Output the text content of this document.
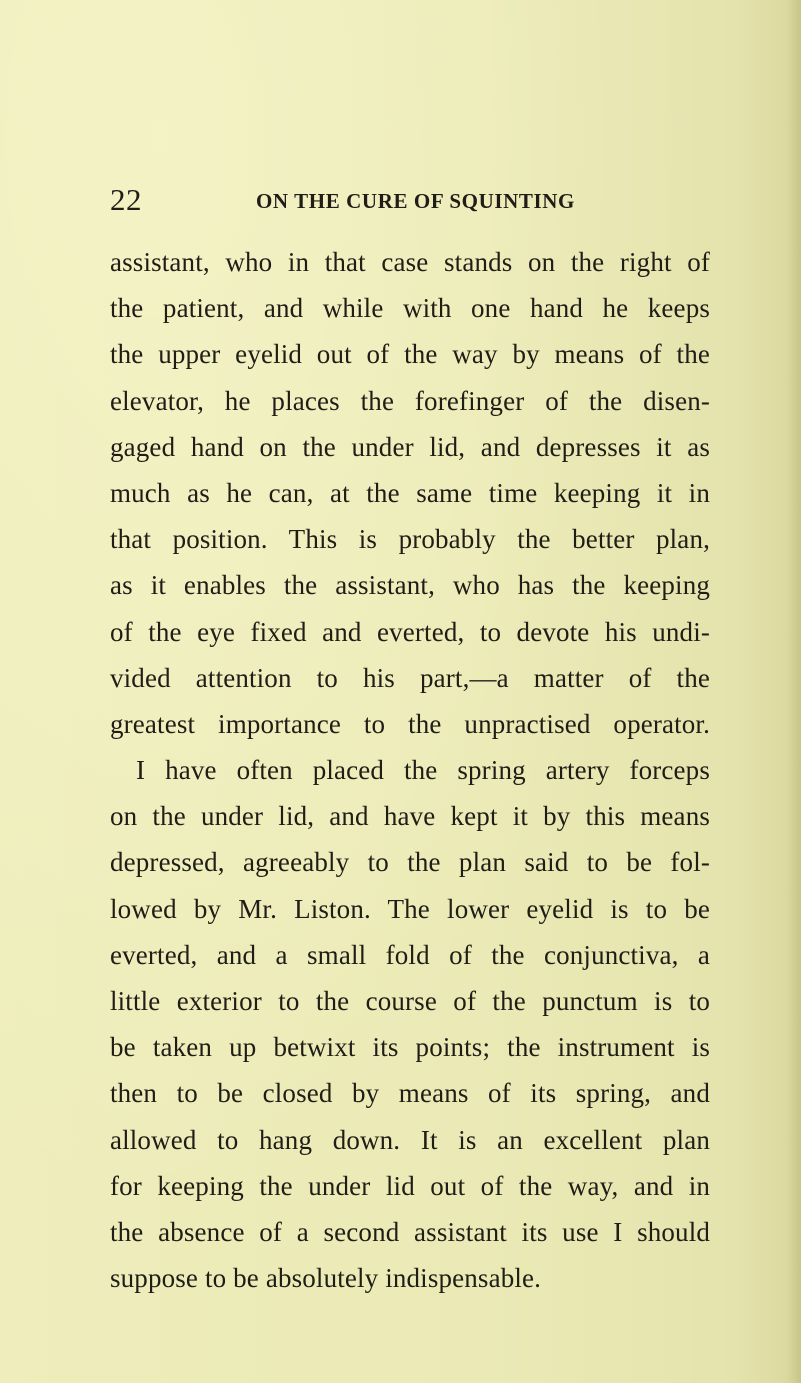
22	ON THE CURE OF SQUINTING
assistant, who in that case stands on the right of
the patient, and while with one hand he keeps
the upper eyelid out of the way by means of the
elevator, he places the forefinger of the disen-
gaged hand on the under lid, and depresses it as
much as he can, at the same time keeping it in
that position. This is probably the better plan,
as it enables the assistant, who has the keeping
of the eye fixed and everted, to devote his undi-
vided attention to his part,—a matter of the
greatest importance to the unpractised operator.
I have often placed the spring artery forceps
on the under lid, and have kept it by this means
depressed, agreeably to the plan said to be fol-
lowed by Mr. Liston. The lower eyelid is to be
everted, and a small fold of the conjunctiva, a
little exterior to the course of the punctum is to
be taken up betwixt its points; the instrument is
then to be closed by means of its spring, and
allowed to hang down. It is an excellent plan
for keeping the under lid out of the way, and in
the absence of a second assistant its use I should
suppose to be absolutely indispensable.
